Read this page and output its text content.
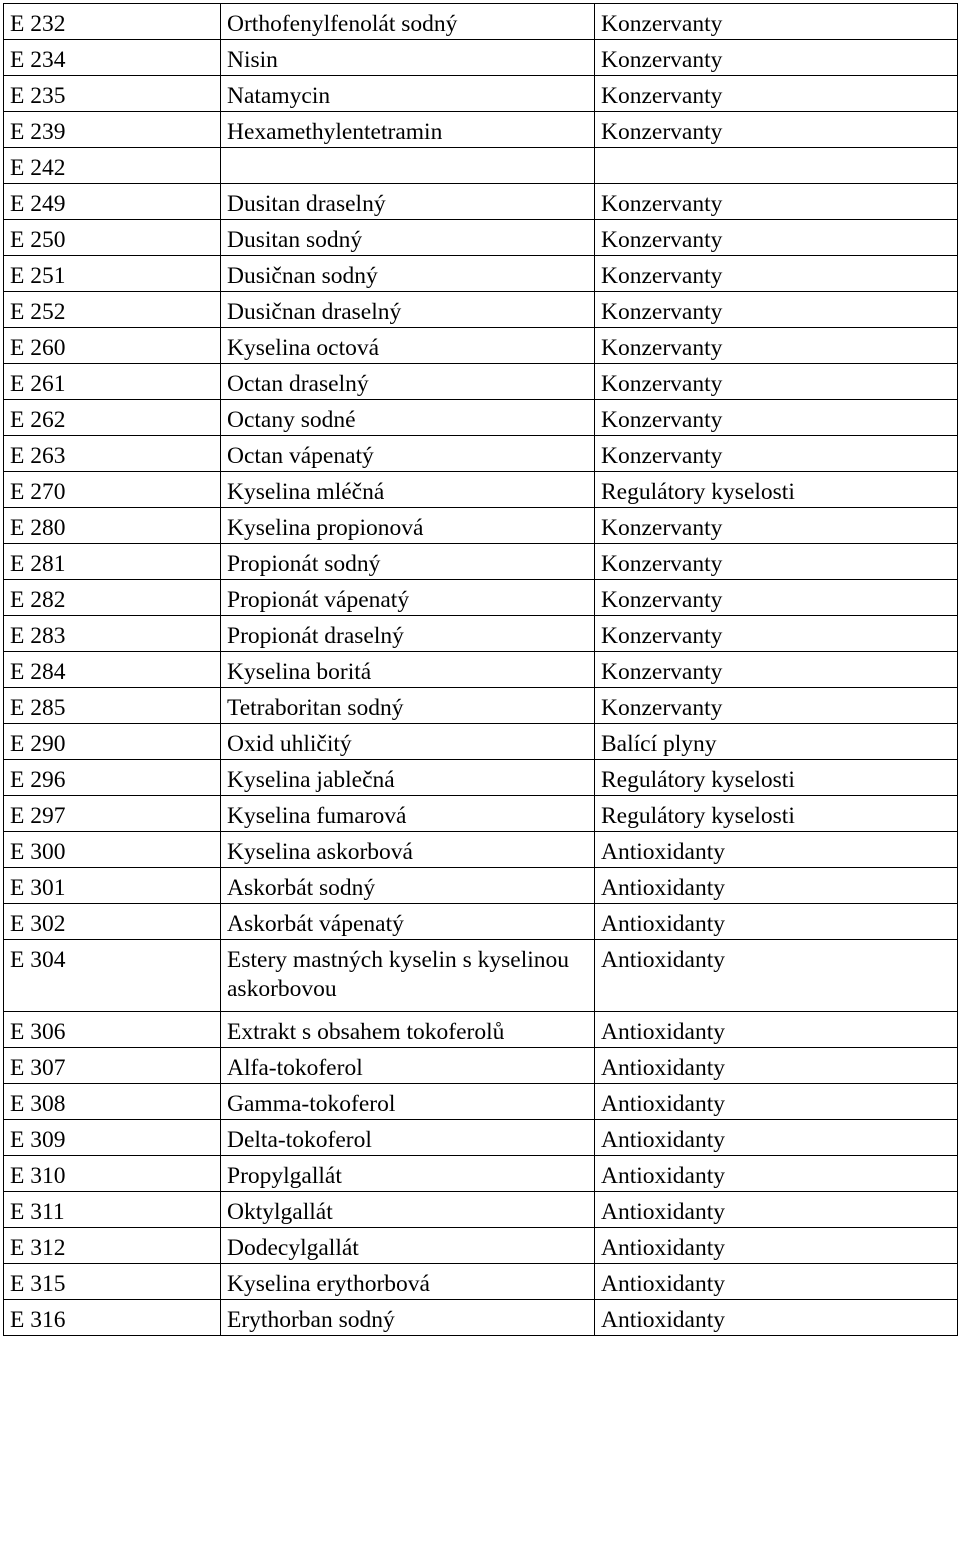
E 232	Orthofenylfenolát sodný	Konzervanty
E 234	Nisin	Konzervanty
E 235	Natamycin	Konzervanty
E 239	Hexamethylentetramin	Konzervanty
E 242		
E 249	Dusitan draselný	Konzervanty
E 250	Dusitan sodný	Konzervanty
E 251	Dusičnan sodný	Konzervanty
E 252	Dusičnan draselný	Konzervanty
E 260	Kyselina octová	Konzervanty
E 261	Octan draselný	Konzervanty
E 262	Octany sodné	Konzervanty
E 263	Octan vápenatý	Konzervanty
E 270	Kyselina mléčná	Regulátory kyselosti
E 280	Kyselina propionová	Konzervanty
E 281	Propionát sodný	Konzervanty
E 282	Propionát vápenatý	Konzervanty
E 283	Propionát draselný	Konzervanty
E 284	Kyselina boritá	Konzervanty
E 285	Tetraboritan sodný	Konzervanty
E 290	Oxid uhličitý	Balící plyny
E 296	Kyselina jablečná	Regulátory kyselosti
E 297	Kyselina fumarová	Regulátory kyselosti
E 300	Kyselina askorbová	Antioxidanty
E 301	Askorbát sodný	Antioxidanty
E 302	Askorbát vápenatý	Antioxidanty
E 304	Estery mastných kyselin s kyselinou askorbovou	Antioxidanty
E 306	Extrakt s obsahem tokoferolů	Antioxidanty
E 307	Alfa-tokoferol	Antioxidanty
E 308	Gamma-tokoferol	Antioxidanty
E 309	Delta-tokoferol	Antioxidanty
E 310	Propylgallát	Antioxidanty
E 311	Oktylgallát	Antioxidanty
E 312	Dodecylgallát	Antioxidanty
E 315	Kyselina erythorbová	Antioxidanty
E 316	Erythorban sodný	Antioxidanty
